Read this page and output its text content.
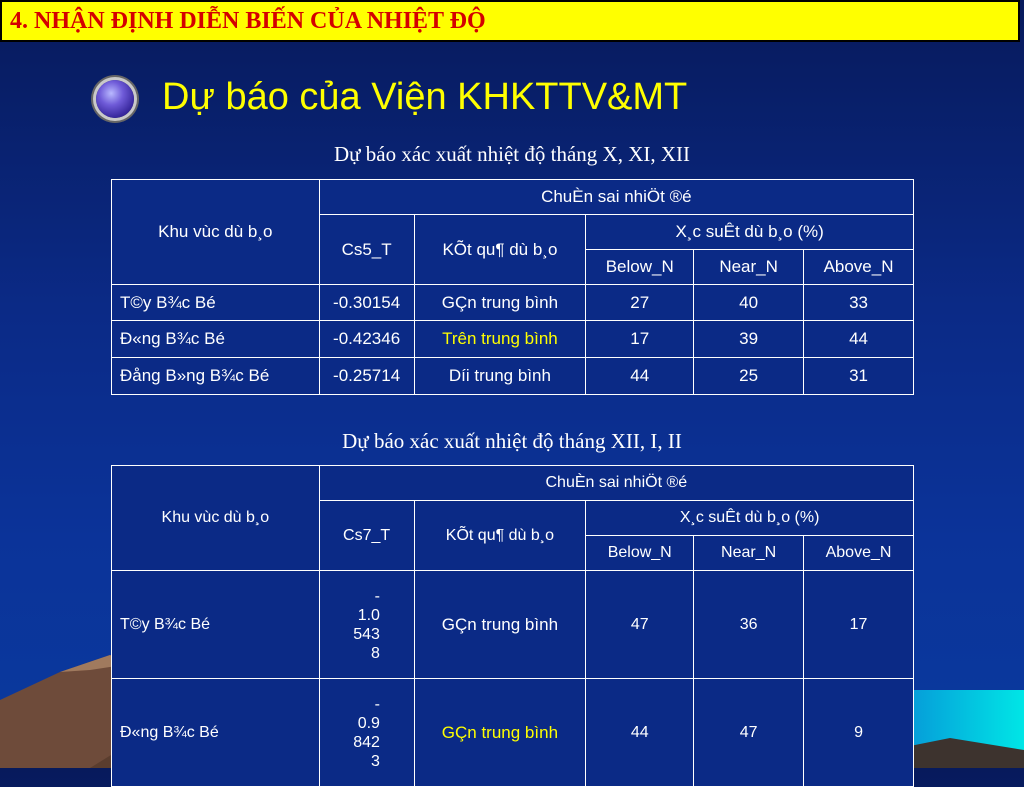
4. NHẬN ĐỊNH DIỄN BIẾN CỦA NHIỆT ĐỘ
Dự báo của Viện KHKTTV&MT
Dự báo xác xuất nhiệt độ tháng X, XI, XII
Khu vùc dù b¸o	ChuÈn sai nhiÖt ®é				
	Cs5_T	KÕt qu¶ dù b¸o	X¸c suÊt dù b¸o (%)		
			Below_N	Near_N	Above_N
T©y B¾c Bé	-0.30154	GÇn trung bình	27	40	33
Đ«ng B¾c Bé	-0.42346	Trên trung bình	17	39	44
Đång B»ng B¾c Bé	-0.25714	Díi trung bình	44	25	31
Dự báo xác xuất nhiệt độ tháng XII, I, II
Khu vùc dù b¸o	ChuÈn sai nhiÖt ®é				
	Cs7_T	KÕt qu¶ dù b¸o	X¸c suÊt dù b¸o (%)		
			Below_N	Near_N	Above_N
T©y B¾c Bé	-
1.0
543
8	GÇn trung bình	47	36	17
Đ«ng B¾c Bé	-
0.9
842
3	GÇn trung bình	44	47	9
